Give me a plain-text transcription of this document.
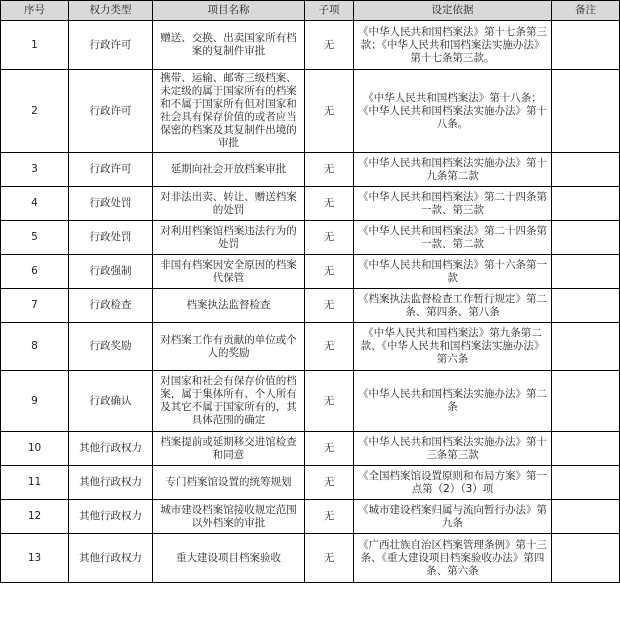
序号	权力类型	项目名称	子项	设定依据	备注
1	行政许可	赠送、交换、出卖国家所有档案的复制件审批	无	《中华人民共和国档案法》第十七条第三款；《中华人民共和国档案法实施办法》第十七条第三款。	
2	行政许可	携带、运输、邮寄三级档案、未定级的属于国家所有的档案和不属于国家所有但对国家和社会具有保存价值的或者应当保密的档案及其复制件出境的审批	无	《中华人民共和国档案法》第十八条；《中华人民共和国档案法实施办法》第十八条。	
3	行政许可	延期向社会开放档案审批	无	《中华人民共和国档案法实施办法》第十九条第二款	
4	行政处罚	对非法出卖、转让、赠送档案的处罚	无	《中华人民共和国档案法》第二十四条第一款、第三款	
5	行政处罚	对利用档案馆档案违法行为的处罚	无	《中华人民共和国档案法》第二十四条第一款、第二款	
6	行政强制	非国有档案因安全原因的档案代保管	无	《中华人民共和国档案法》第十六条第一款	
7	行政检查	档案执法监督检查	无	《档案执法监督检查工作暂行规定》第二条、第四条、第八条	
8	行政奖励	对档案工作有贡献的单位或个人的奖励	无	《中华人民共和国档案法》第九条第二款、《中华人民共和国档案法实施办法》第六条	
9	行政确认	对国家和社会有保存价值的档案，属于集体所有、个人所有及其它不属于国家所有的，其具体范围的确定	无	《中华人民共和国档案法实施办法》第二条	
10	其他行政权力	档案提前或延期移交进馆检查和同意	无	《中华人民共和国档案法实施办法》第十三条第三款	
11	其他行政权力	专门档案馆设置的统筹规划	无	《全国档案馆设置原则和布局方案》第一点第（2）（3）项	
12	其他行政权力	城市建设档案馆接收规定范围以外档案的审批	无	《城市建设档案归属与流向暂行办法》第九条	
13	其他行政权力	重大建设项目档案验收	无	《广西壮族自治区档案管理条例》第十三条、《重大建设项目档案验收办法》第四条、第六条	
